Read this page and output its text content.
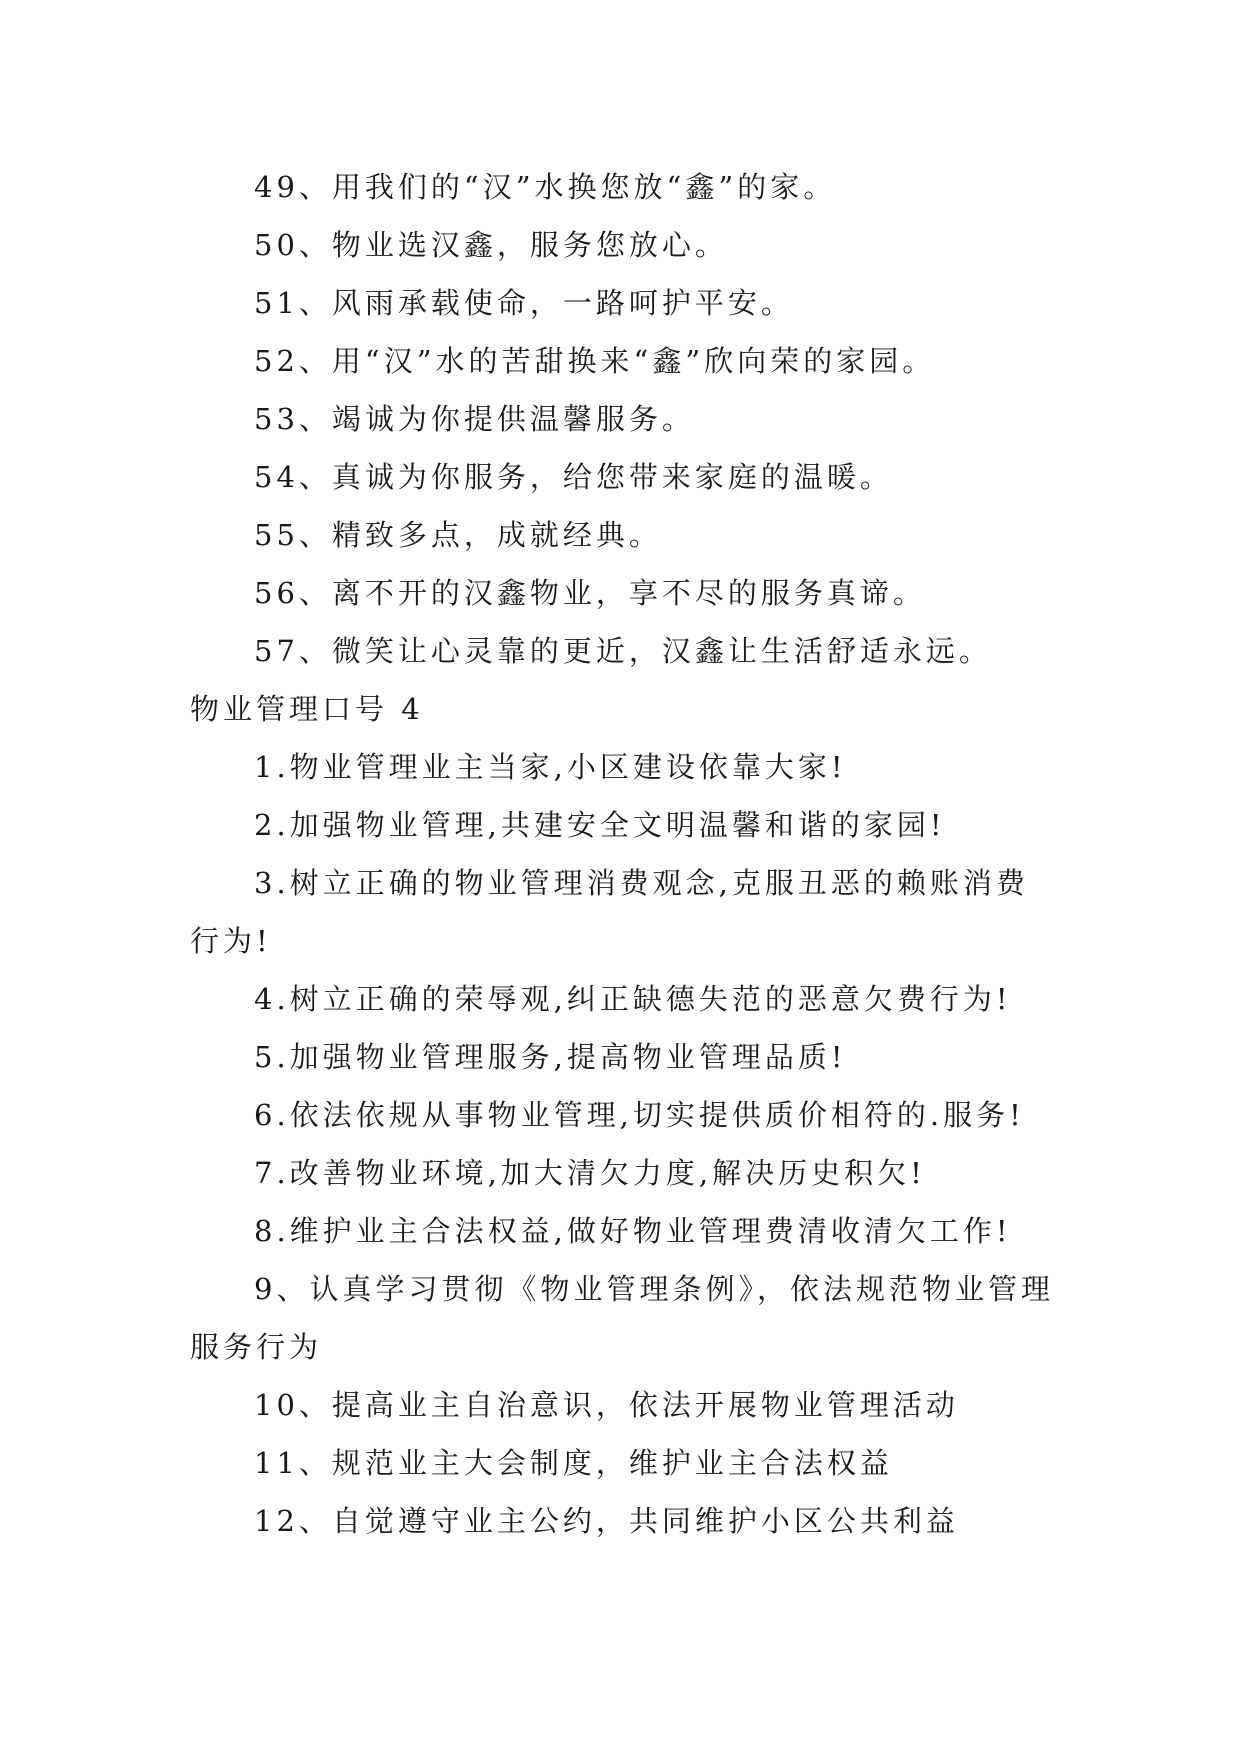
49、用我们的“汉”水换您放“鑫”的家。
50、物业选汉鑫，服务您放心。
51、风雨承载使命，一路呵护平安。
52、用“汉”水的苦甜换来“鑫”欣向荣的家园。
53、竭诚为你提供温馨服务。
54、真诚为你服务，给您带来家庭的温暖。
55、精致多点，成就经典。
56、离不开的汉鑫物业，享不尽的服务真谛。
57、微笑让心灵靠的更近，汉鑫让生活舒适永远。
物业管理口号 4
1.物业管理业主当家,小区建设依靠大家!
2.加强物业管理,共建安全文明温馨和谐的家园!
3.树立正确的物业管理消费观念,克服丑恶的赖账消费
行为!
4.树立正确的荣辱观,纠正缺德失范的恶意欠费行为!
5.加强物业管理服务,提高物业管理品质!
6.依法依规从事物业管理,切实提供质价相符的.服务!
7.改善物业环境,加大清欠力度,解决历史积欠!
8.维护业主合法权益,做好物业管理费清收清欠工作!
9、认真学习贯彻《物业管理条例》，依法规范物业管理
服务行为
10、提高业主自治意识，依法开展物业管理活动
11、规范业主大会制度，维护业主合法权益
12、自觉遵守业主公约，共同维护小区公共利益
